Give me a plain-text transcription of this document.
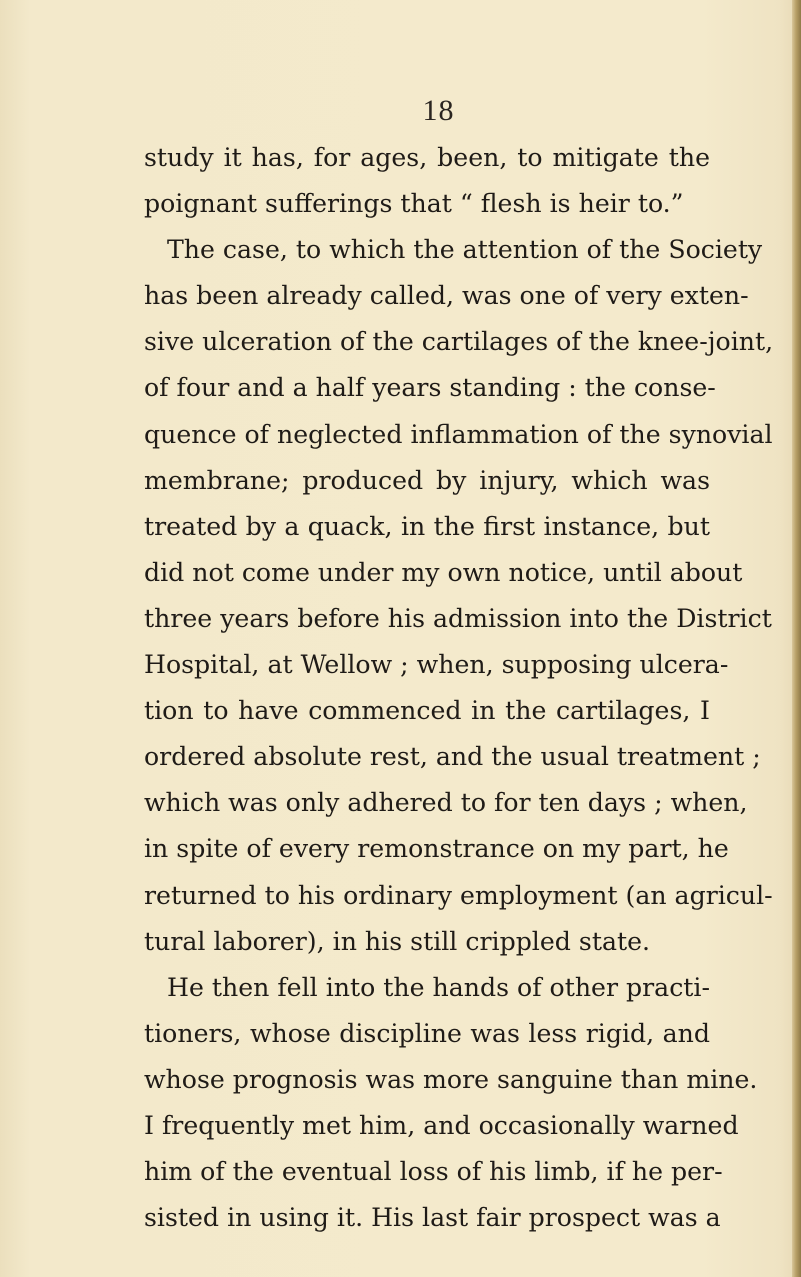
18
study it has, for ages, been, to mitigate the
poignant sufferings that “ flesh is heir to.”
The case, to which the attention of the Society
has been already called, was one of very exten-
sive ulceration of the cartilages of the knee-joint,
of four and a half years standing : the conse-
quence of neglected inflammation of the synovial
membrane; produced by injury, which was
treated by a quack, in the first instance, but
did not come under my own notice, until about
three years before his admission into the District
Hospital, at Wellow ; when, supposing ulcera-
tion to have commenced in the cartilages, I
ordered absolute rest, and the usual treatment ;
which was only adhered to for ten days ; when,
in spite of every remonstrance on my part, he
returned to his ordinary employment (an agricul-
tural laborer), in his still crippled state.
He then fell into the hands of other practi-
tioners, whose discipline was less rigid, and
whose prognosis was more sanguine than mine.
I frequently met him, and occasionally warned
him of the eventual loss of his limb, if he per-
sisted in using it. His last fair prospect was a
